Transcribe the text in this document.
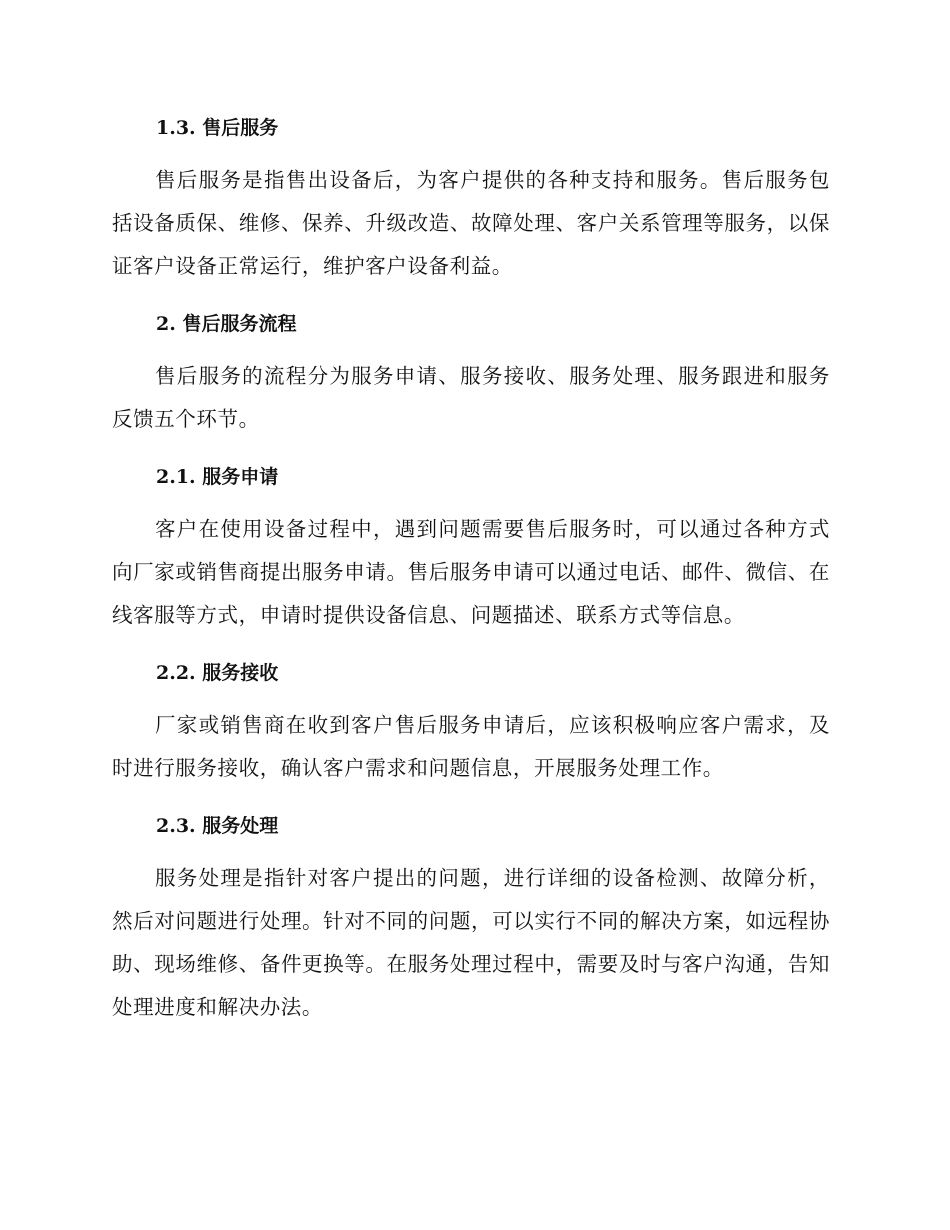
1.3. 售后服务

售后服务是指售出设备后，为客户提供的各种支持和服务。售后服务包括设备质保、维修、保养、升级改造、故障处理、客户关系管理等服务，以保证客户设备正常运行，维护客户设备利益。

2. 售后服务流程

售后服务的流程分为服务申请、服务接收、服务处理、服务跟进和服务反馈五个环节。

2.1. 服务申请

客户在使用设备过程中，遇到问题需要售后服务时，可以通过各种方式向厂家或销售商提出服务申请。售后服务申请可以通过电话、邮件、微信、在线客服等方式，申请时提供设备信息、问题描述、联系方式等信息。

2.2. 服务接收

厂家或销售商在收到客户售后服务申请后，应该积极响应客户需求，及时进行服务接收，确认客户需求和问题信息，开展服务处理工作。

2.3. 服务处理

服务处理是指针对客户提出的问题，进行详细的设备检测、故障分析，然后对问题进行处理。针对不同的问题，可以实行不同的解决方案，如远程协助、现场维修、备件更换等。在服务处理过程中，需要及时与客户沟通，告知处理进度和解决办法。
